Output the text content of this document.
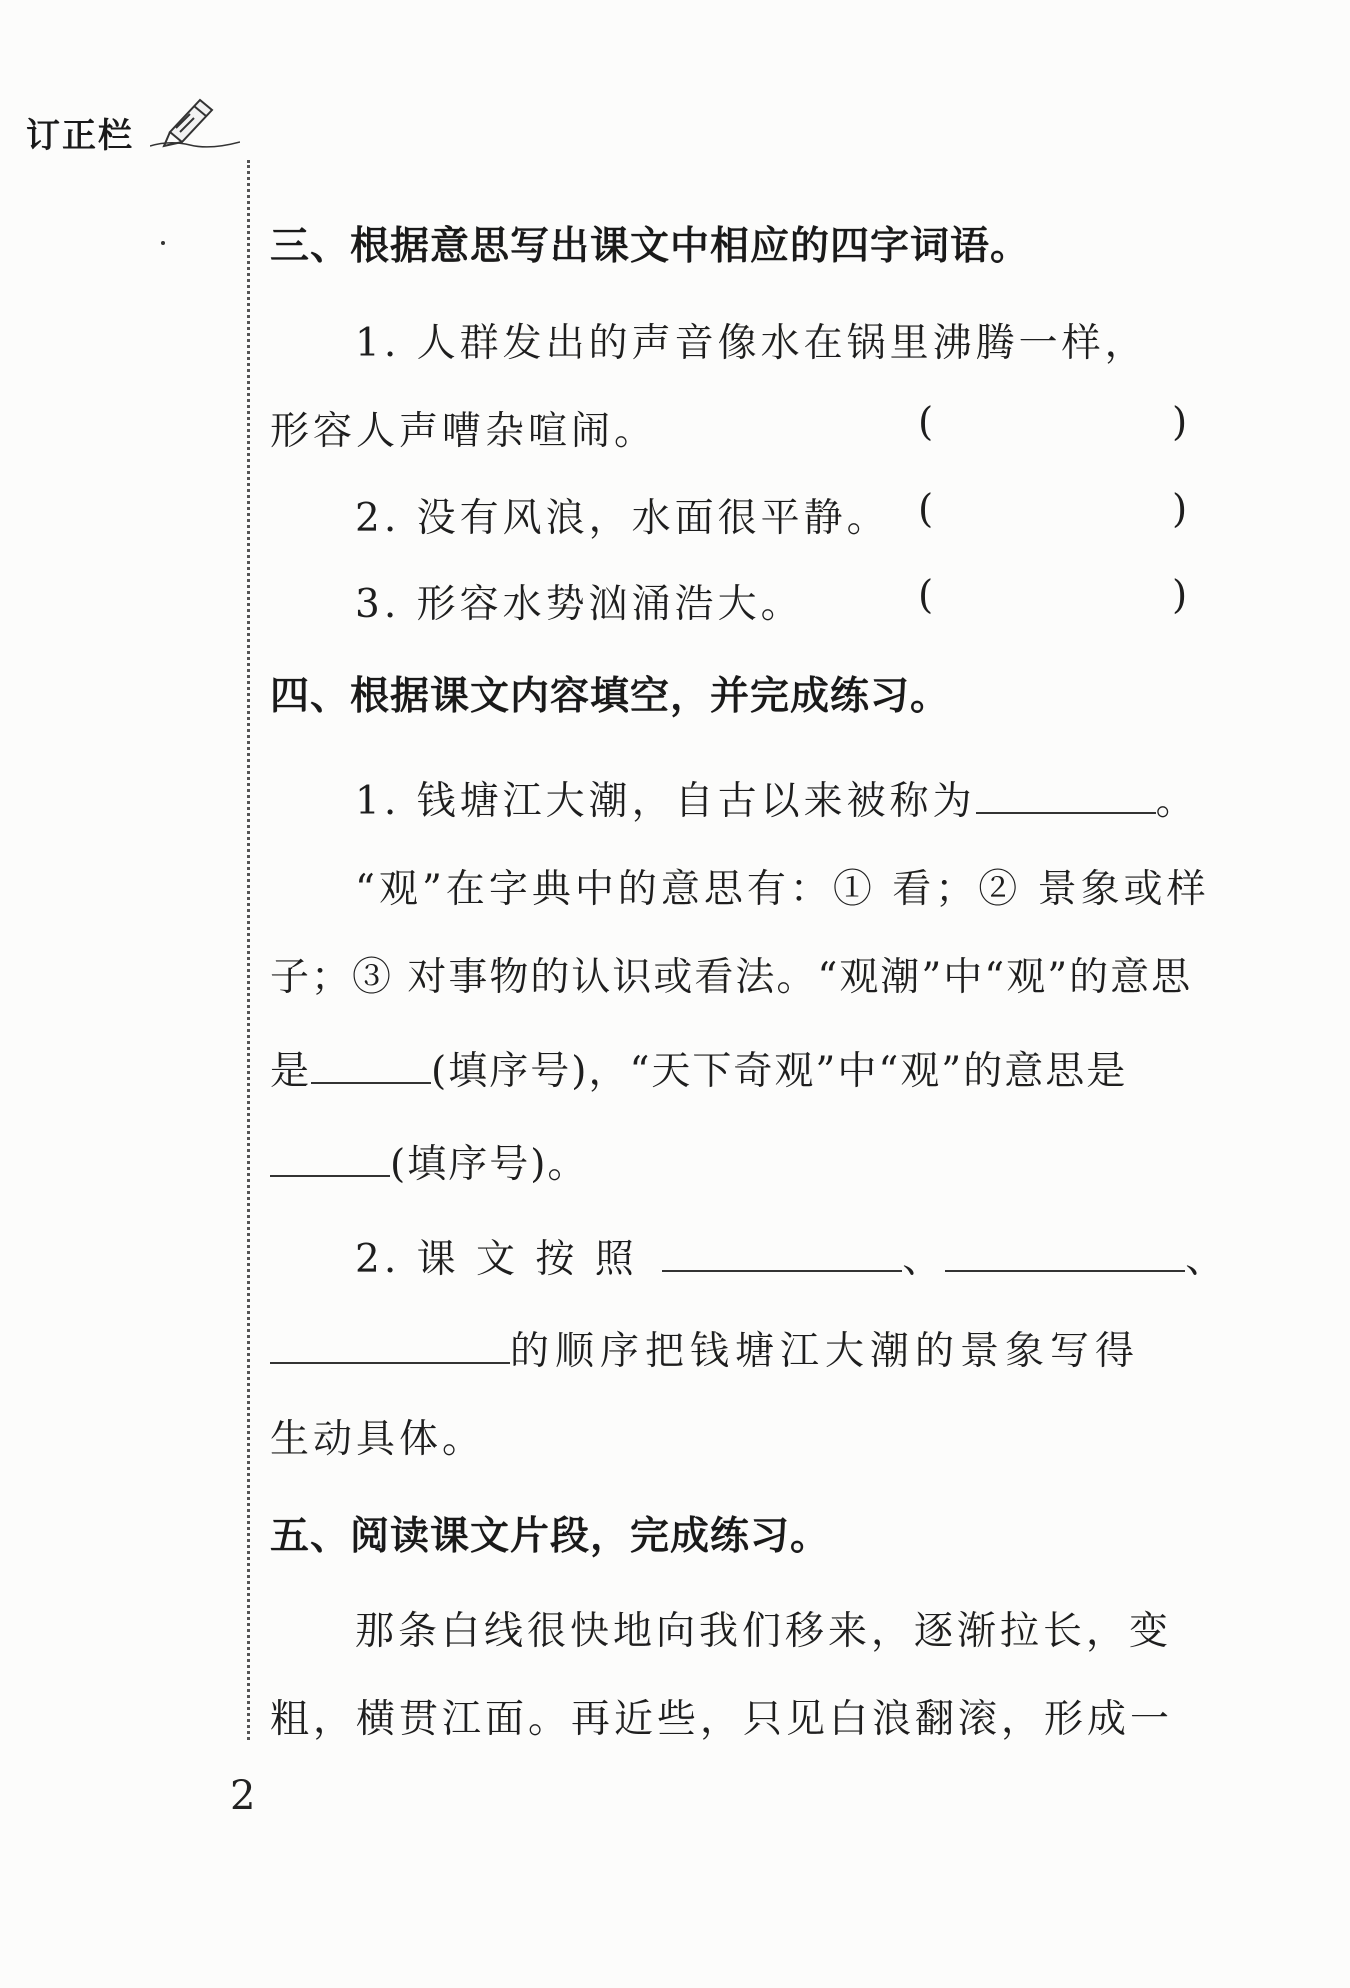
订正栏
2
三、根据意思写出课文中相应的四字词语。
1. 人群发出的声音像水在锅里沸腾一样，
形容人声嘈杂喧闹。	(	)
2. 没有风浪，水面很平静。 (	)
3. 形容水势汹涌浩大。	(	)
四、根据课文内容填空，并完成练习。
1. 钱塘江大潮，自古以来被称为	。
“观”在字典中的意思有：① 看；② 景象或样
子；③ 对事物的认识或看法。“观潮”中“观”的意思
是	(填序号)，“天下奇观”中“观”的意思是
(填序号)。
2. 课 文 按 照	、	、
的顺序把钱塘江大潮的景象写得
生动具体。
五、阅读课文片段，完成练习。
那条白线很快地向我们移来，逐渐拉长，变
粗，横贯江面。再近些，只见白浪翻滚，形成一
